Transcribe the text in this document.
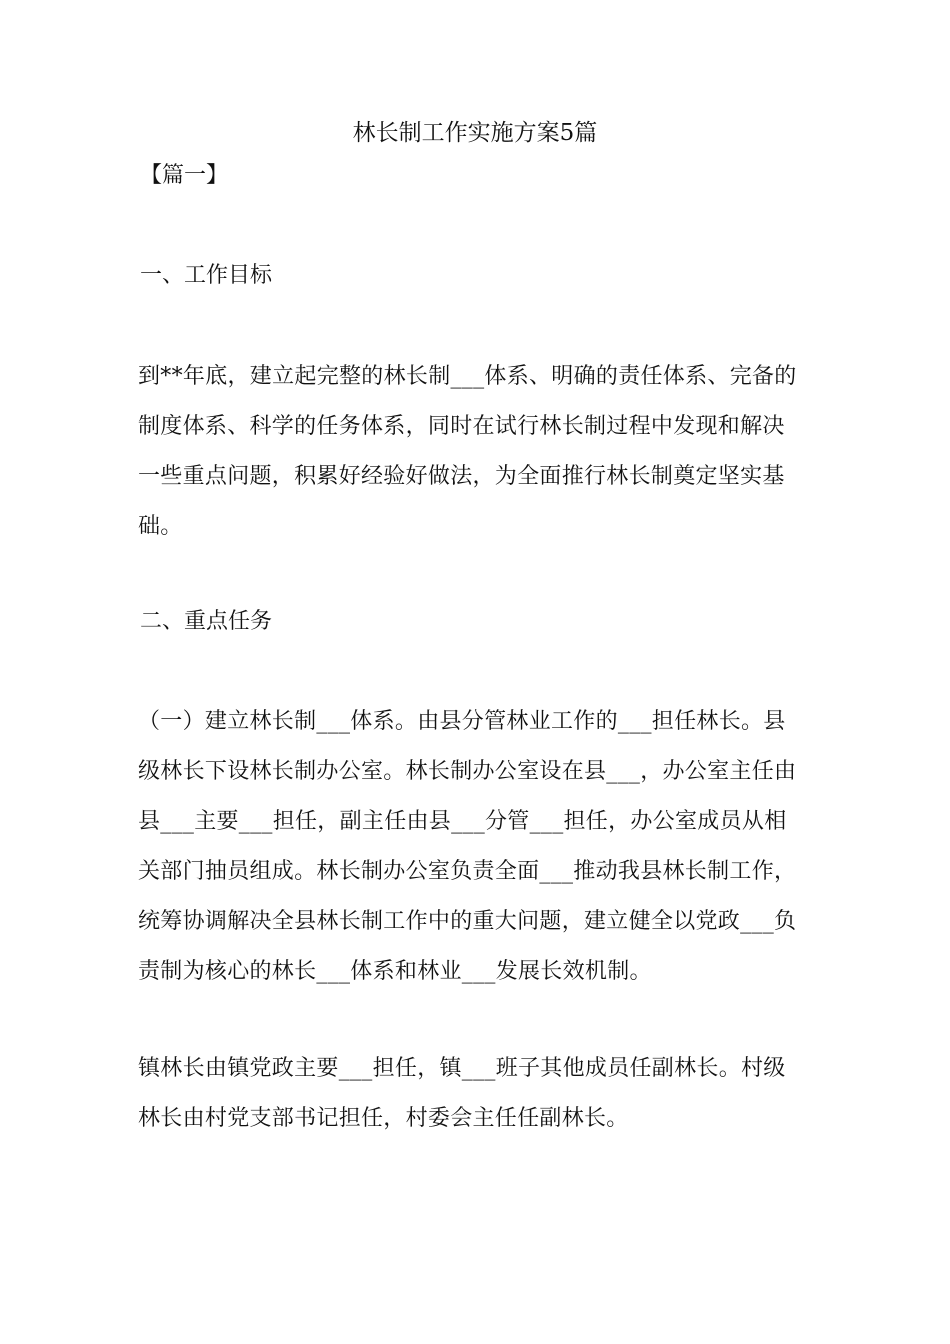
林长制工作实施方案5篇

【篇一】

一、工作目标

到**年底，建立起完整的林长制___体系、明确的责任体系、完备的
制度体系、科学的任务体系，同时在试行林长制过程中发现和解决
一些重点问题，积累好经验好做法，为全面推行林长制奠定坚实基
础。

二、重点任务

（一）建立林长制___体系。由县分管林业工作的___担任林长。县
级林长下设林长制办公室。林长制办公室设在县___，办公室主任由
县___主要___担任，副主任由县___分管___担任，办公室成员从相
关部门抽员组成。林长制办公室负责全面___推动我县林长制工作，
统筹协调解决全县林长制工作中的重大问题，建立健全以党政___负
责制为核心的林长___体系和林业___发展长效机制。
镇林长由镇党政主要___担任，镇___班子其他成员任副林长。村级
林长由村党支部书记担任，村委会主任任副林长。
